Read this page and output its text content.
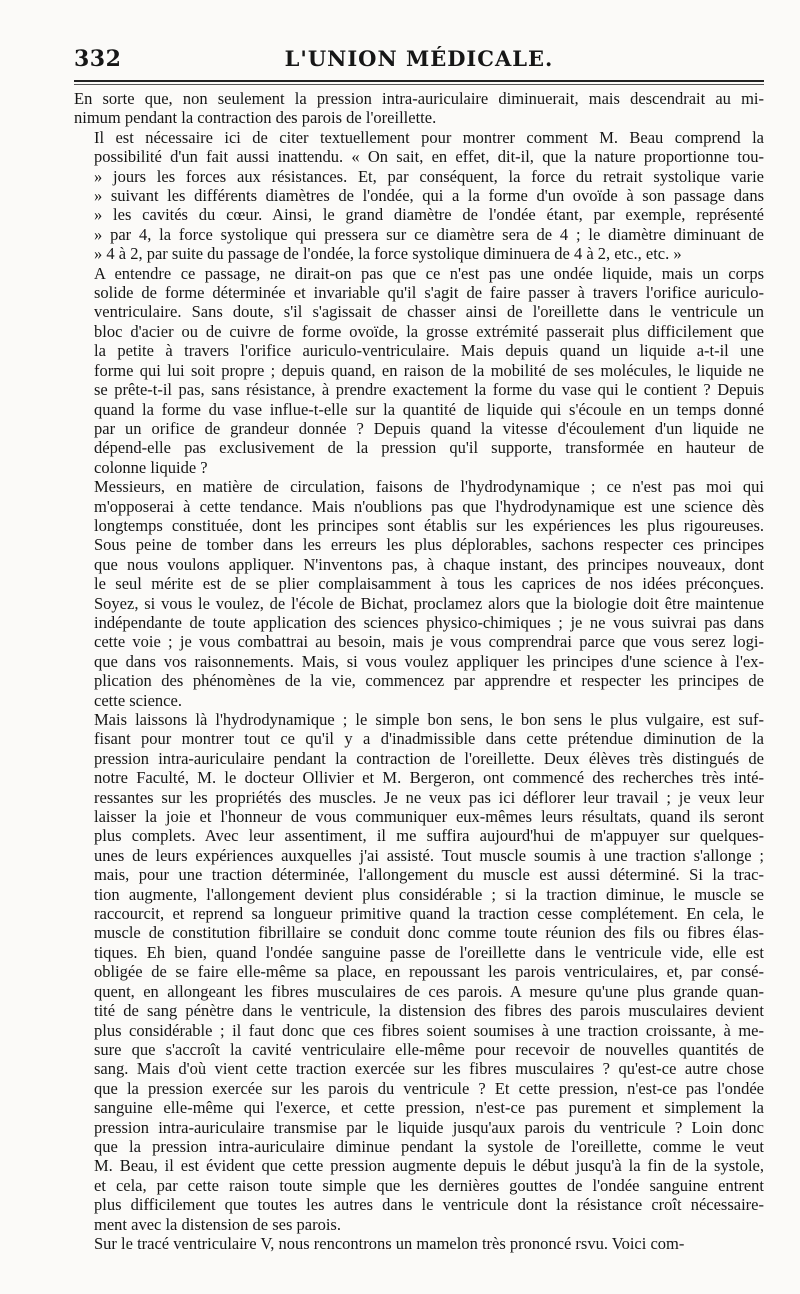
332	L'UNION MÉDICALE.

En sorte que, non seulement la pression intra-auriculaire diminuerait, mais descendrait au mi-
nimum pendant la contraction des parois de l'oreillette.

Il est nécessaire ici de citer textuellement pour montrer comment M. Beau comprend la
possibilité d'un fait aussi inattendu. « On sait, en effet, dit-il, que la nature proportionne tou-
» jours les forces aux résistances. Et, par conséquent, la force du retrait systolique varie
» suivant les différents diamètres de l'ondée, qui a la forme d'un ovoïde à son passage dans
» les cavités du cœur. Ainsi, le grand diamètre de l'ondée étant, par exemple, représenté
» par 4, la force systolique qui pressera sur ce diamètre sera de 4 ; le diamètre diminuant de
» 4 à 2, par suite du passage de l'ondée, la force systolique diminuera de 4 à 2, etc., etc. »

A entendre ce passage, ne dirait-on pas que ce n'est pas une ondée liquide, mais un corps
solide de forme déterminée et invariable qu'il s'agit de faire passer à travers l'orifice auriculo-
ventriculaire. Sans doute, s'il s'agissait de chasser ainsi de l'oreillette dans le ventricule un
bloc d'acier ou de cuivre de forme ovoïde, la grosse extrémité passerait plus difficilement que
la petite à travers l'orifice auriculo-ventriculaire. Mais depuis quand un liquide a-t-il une
forme qui lui soit propre ; depuis quand, en raison de la mobilité de ses molécules, le liquide ne
se prête-t-il pas, sans résistance, à prendre exactement la forme du vase qui le contient ? Depuis
quand la forme du vase influe-t-elle sur la quantité de liquide qui s'écoule en un temps donné
par un orifice de grandeur donnée ? Depuis quand la vitesse d'écoulement d'un liquide ne
dépend-elle pas exclusivement de la pression qu'il supporte, transformée en hauteur de
colonne liquide ?

Messieurs, en matière de circulation, faisons de l'hydrodynamique ; ce n'est pas moi qui
m'opposerai à cette tendance. Mais n'oublions pas que l'hydrodynamique est une science dès
longtemps constituée, dont les principes sont établis sur les expériences les plus rigoureuses.
Sous peine de tomber dans les erreurs les plus déplorables, sachons respecter ces principes
que nous voulons appliquer. N'inventons pas, à chaque instant, des principes nouveaux, dont
le seul mérite est de se plier complaisamment à tous les caprices de nos idées préconçues.
Soyez, si vous le voulez, de l'école de Bichat, proclamez alors que la biologie doit être maintenue
indépendante de toute application des sciences physico-chimiques ; je ne vous suivrai pas dans
cette voie ; je vous combattrai au besoin, mais je vous comprendrai parce que vous serez logi-
que dans vos raisonnements. Mais, si vous voulez appliquer les principes d'une science à l'ex-
plication des phénomènes de la vie, commencez par apprendre et respecter les principes de
cette science.

Mais laissons là l'hydrodynamique ; le simple bon sens, le bon sens le plus vulgaire, est suf-
fisant pour montrer tout ce qu'il y a d'inadmissible dans cette prétendue diminution de la
pression intra-auriculaire pendant la contraction de l'oreillette. Deux élèves très distingués de
notre Faculté, M. le docteur Ollivier et M. Bergeron, ont commencé des recherches très inté-
ressantes sur les propriétés des muscles. Je ne veux pas ici déflorer leur travail ; je veux leur
laisser la joie et l'honneur de vous communiquer eux-mêmes leurs résultats, quand ils seront
plus complets. Avec leur assentiment, il me suffira aujourd'hui de m'appuyer sur quelques-
unes de leurs expériences auxquelles j'ai assisté. Tout muscle soumis à une traction s'allonge ;
mais, pour une traction déterminée, l'allongement du muscle est aussi déterminé. Si la trac-
tion augmente, l'allongement devient plus considérable ; si la traction diminue, le muscle se
raccourcit, et reprend sa longueur primitive quand la traction cesse complétement. En cela, le
muscle de constitution fibrillaire se conduit donc comme toute réunion des fils ou fibres élas-
tiques. Eh bien, quand l'ondée sanguine passe de l'oreillette dans le ventricule vide, elle est
obligée de se faire elle-même sa place, en repoussant les parois ventriculaires, et, par consé-
quent, en allongeant les fibres musculaires de ces parois. A mesure qu'une plus grande quan-
tité de sang pénètre dans le ventricule, la distension des fibres des parois musculaires devient
plus considérable ; il faut donc que ces fibres soient soumises à une traction croissante, à me-
sure que s'accroît la cavité ventriculaire elle-même pour recevoir de nouvelles quantités de
sang. Mais d'où vient cette traction exercée sur les fibres musculaires ? qu'est-ce autre chose
que la pression exercée sur les parois du ventricule ? Et cette pression, n'est-ce pas l'ondée
sanguine elle-même qui l'exerce, et cette pression, n'est-ce pas purement et simplement la
pression intra-auriculaire transmise par le liquide jusqu'aux parois du ventricule ? Loin donc
que la pression intra-auriculaire diminue pendant la systole de l'oreillette, comme le veut
M. Beau, il est évident que cette pression augmente depuis le début jusqu'à la fin de la systole,
et cela, par cette raison toute simple que les dernières gouttes de l'ondée sanguine entrent
plus difficilement que toutes les autres dans le ventricule dont la résistance croît nécessaire-
ment avec la distension de ses parois.

Sur le tracé ventriculaire V, nous rencontrons un mamelon très prononcé rsvu. Voici com-
